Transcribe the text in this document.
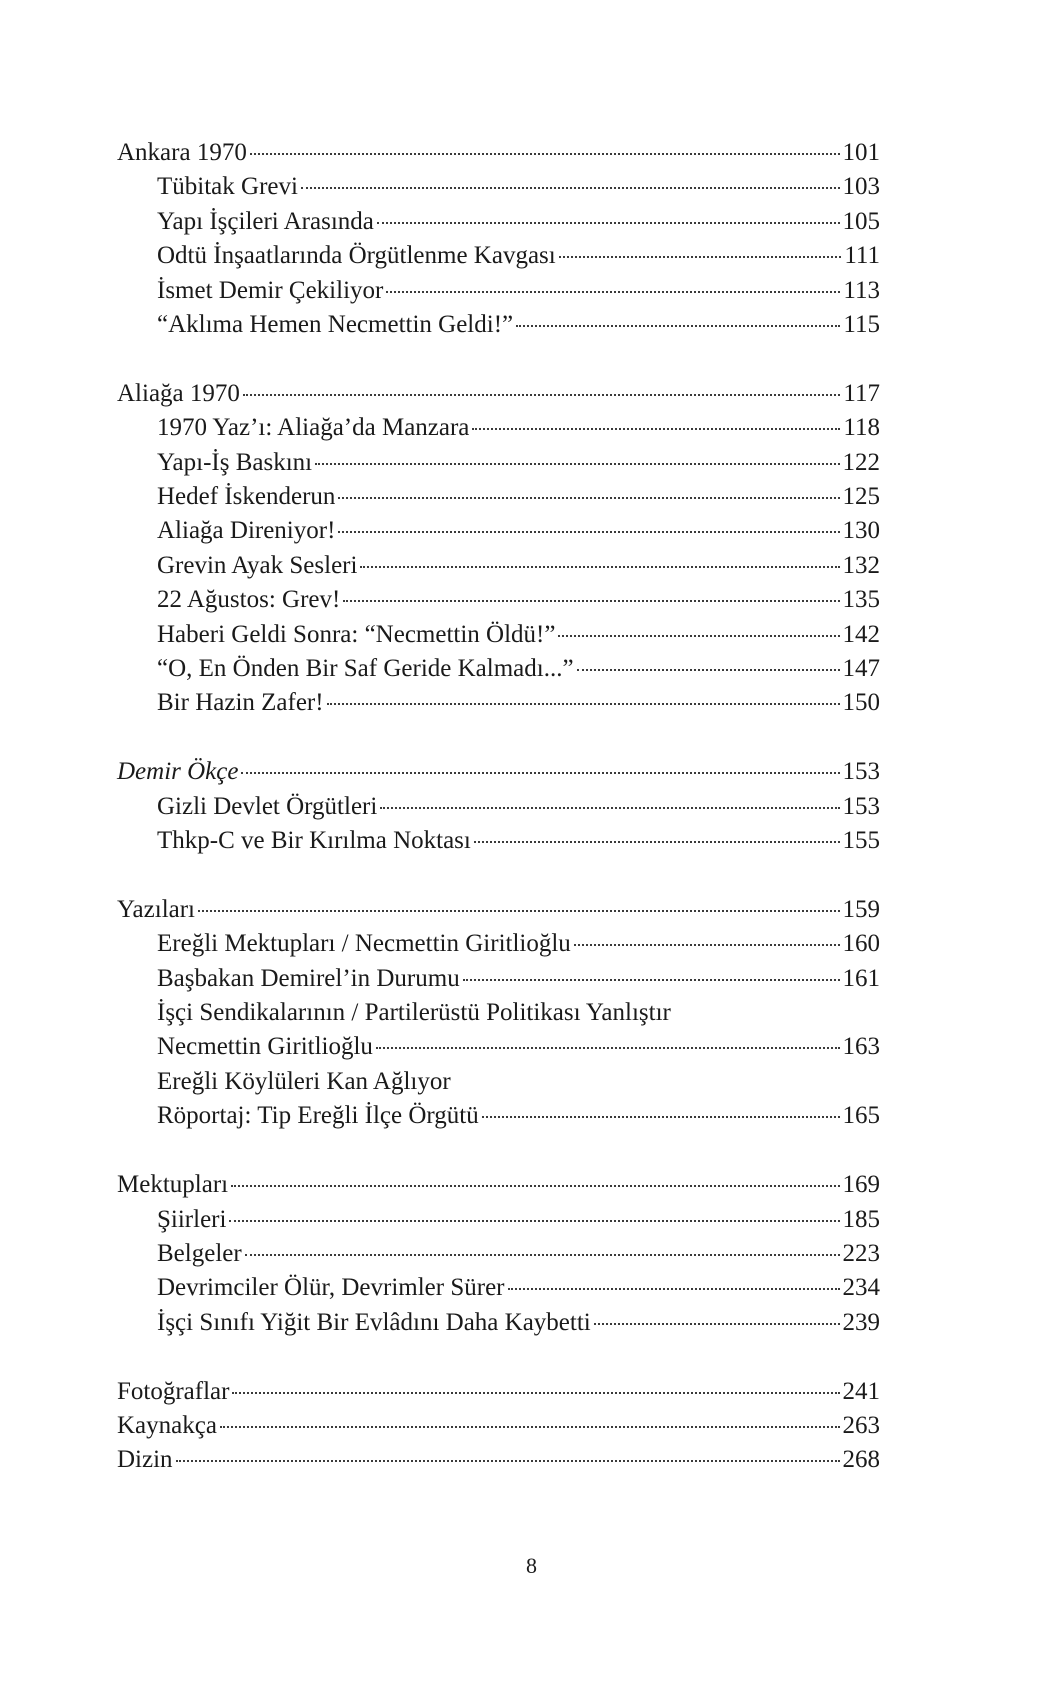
Ankara 1970	101
Tübitak Grevi	103
Yapı İşçileri Arasında	105
Odtü İnşaatlarında Örgütlenme Kavgası	111
İsmet Demir Çekiliyor	113
“Aklıma Hemen Necmettin Geldi!”	115
Aliağa 1970	117
1970 Yaz’ı: Aliağa’da Manzara	118
Yapı-İş Baskını	122
Hedef İskenderun	125
Aliağa Direniyor!	130
Grevin Ayak Sesleri	132
22 Ağustos: Grev!	135
Haberi Geldi Sonra: “Necmettin Öldü!”	142
“O, En Önden Bir Saf Geride Kalmadı...”	147
Bir Hazin Zafer!	150
Demir Ökçe	153
Gizli Devlet Örgütleri	153
Thkp-C ve Bir Kırılma Noktası	155
Yazıları	159
Ereğli Mektupları / Necmettin Giritlioğlu	160
Başbakan Demirel’in Durumu	161
İşçi Sendikalarının / Partilerüstü Politikası Yanlıştır
Necmettin Giritlioğlu	163
Ereğli Köylüleri Kan Ağlıyor
Röportaj: Tip Ereğli İlçe Örgütü	165
Mektupları	169
Şiirleri	185
Belgeler	223
Devrimciler Ölür, Devrimler Sürer	234
İşçi Sınıfı Yiğit Bir Evlâdını Daha Kaybetti	239
Fotoğraflar	241
Kaynakça	263
Dizin	268
8
